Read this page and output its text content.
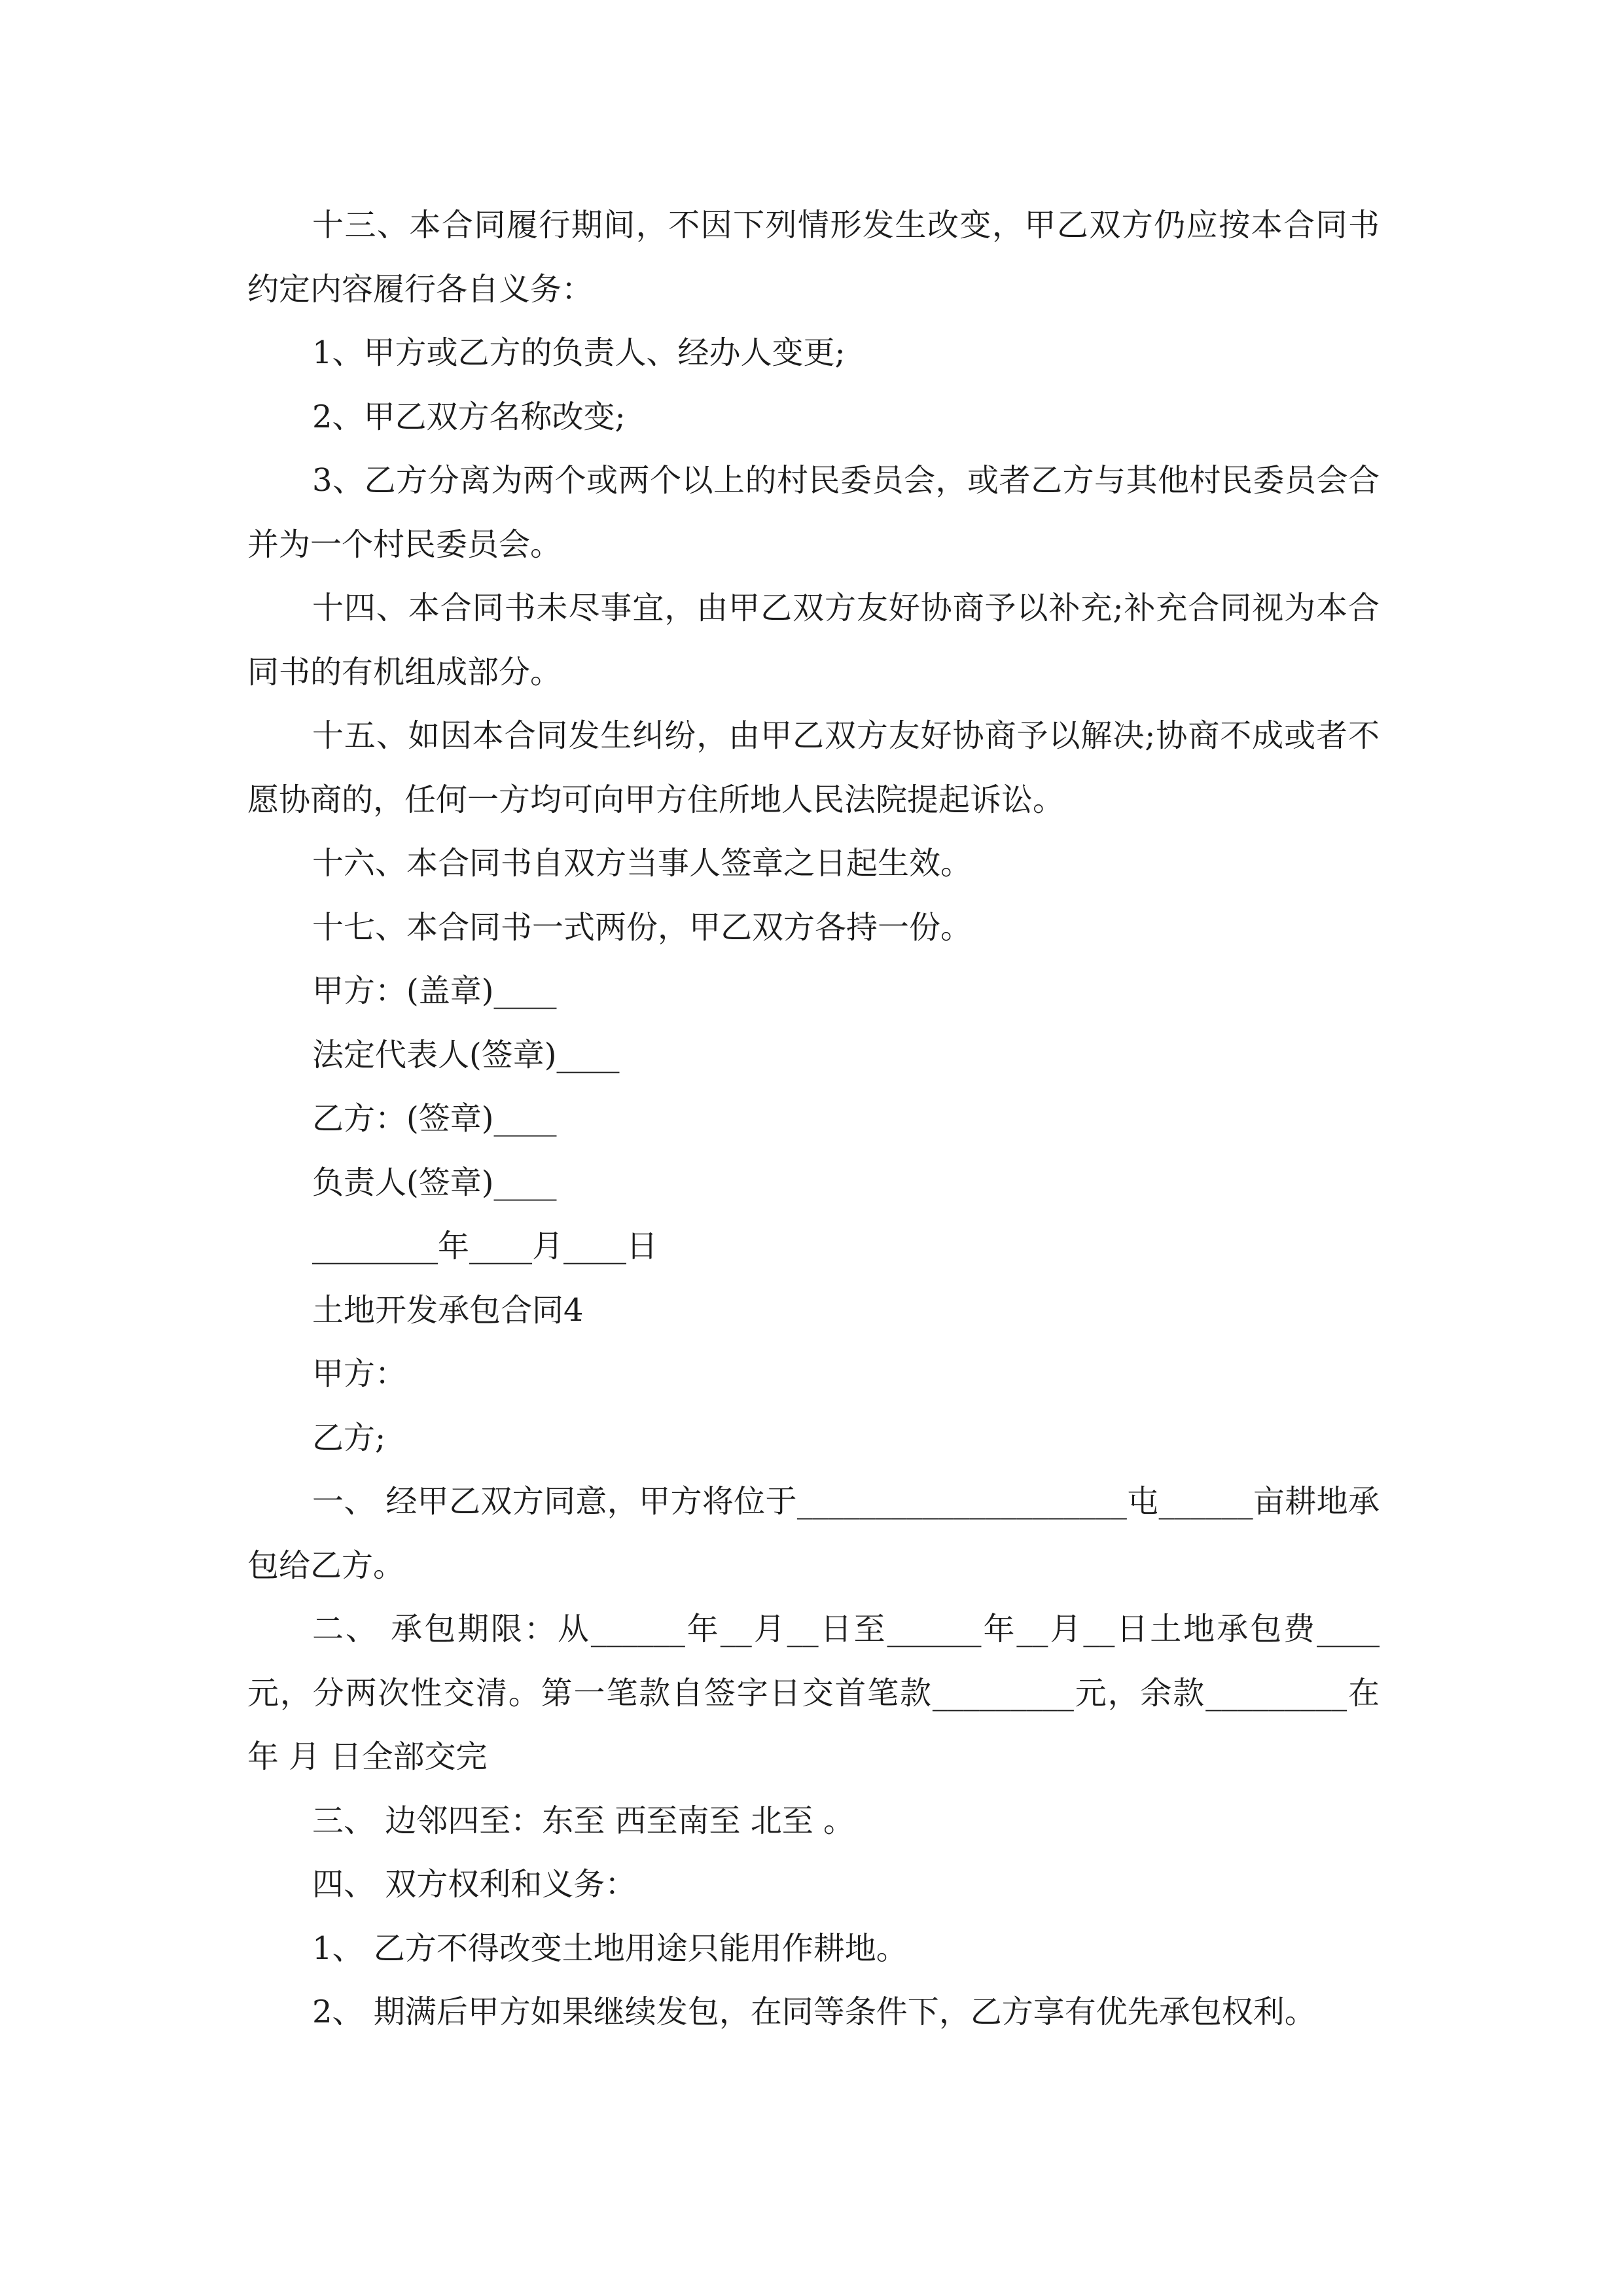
十三、本合同履行期间，不因下列情形发生改变，甲乙双方仍应按本合同书约定内容履行各自义务：
1、甲方或乙方的负责人、经办人变更;
2、甲乙双方名称改变;
3、乙方分离为两个或两个以上的村民委员会，或者乙方与其他村民委员会合并为一个村民委员会。
十四、本合同书未尽事宜，由甲乙双方友好协商予以补充;补充合同视为本合同书的有机组成部分。
十五、如因本合同发生纠纷，由甲乙双方友好协商予以解决;协商不成或者不愿协商的，任何一方均可向甲方住所地人民法院提起诉讼。
十六、本合同书自双方当事人签章之日起生效。
十七、本合同书一式两份，甲乙双方各持一份。
甲方：(盖章)____
法定代表人(签章)____
乙方：(签章)____
负责人(签章)____
________年____月____日
土地开发承包合同4
甲方：
乙方;
一、 经甲乙双方同意，甲方将位于_____________________屯______亩耕地承包给乙方。
二、 承包期限：从______年__月__日至______年__月__日土地承包费____元，分两次性交清。第一笔款自签字日交首笔款_________元，余款_________在 年 月 日全部交完
三、 边邻四至：东至 西至南至 北至 。
四、 双方权利和义务：
1、 乙方不得改变土地用途只能用作耕地。
2、 期满后甲方如果继续发包，在同等条件下，乙方享有优先承包权利。
